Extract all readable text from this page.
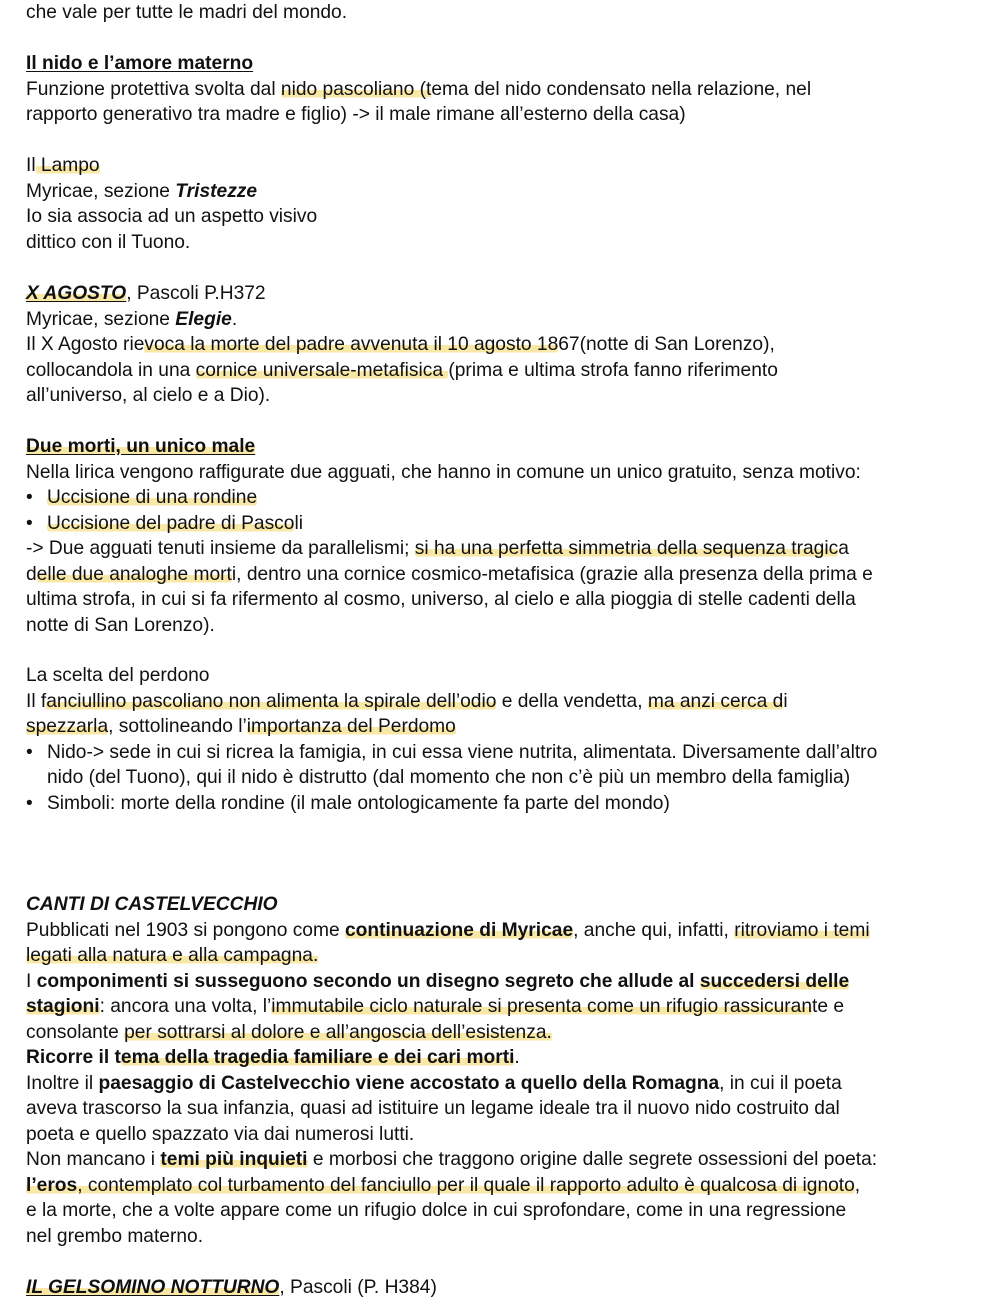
che vale per tutte le madri del mondo.
Il nido e l’amore materno
Funzione protettiva svolta dal nido pascoliano (tema del nido condensato nella relazione, nel
rapporto generativo tra madre e figlio) -> il male rimane all’esterno della casa)
Il Lampo
Myricae, sezione Tristezze
Io sia associa ad un aspetto visivo
dittico con il Tuono.
X AGOSTO, Pascoli P.H372
Myricae, sezione Elegie.
Il X Agosto rievoca la morte del padre avvenuta il 10 agosto 1867(notte di San Lorenzo),
collocandola in una cornice universale-metafisica (prima e ultima strofa fanno riferimento
all’universo, al cielo e a Dio).
Due morti, un unico male
Nella lirica vengono raffigurate due agguati, che hanno in comune un unico gratuito, senza motivo:
• Uccisione di una rondine
• Uccisione del padre di Pascoli
-> Due agguati tenuti insieme da parallelismi; si ha una perfetta simmetria della sequenza tragica
delle due analoghe morti, dentro una cornice cosmico-metafisica (grazie alla presenza della prima e
ultima strofa, in cui si fa rifermento al cosmo, universo, al cielo e alla pioggia di stelle cadenti della
notte di San Lorenzo).
La scelta del perdono
Il fanciullino pascoliano non alimenta la spirale dell’odio e della vendetta, ma anzi cerca di
spezzarla, sottolineando l’importanza del Perdomo
• Nido-> sede in cui si ricrea la famigia, in cui essa viene nutrita, alimentata. Diversamente dall’altro
nido (del Tuono), qui il nido è distrutto (dal momento che non c’è più un membro della famiglia)
• Simboli: morte della rondine (il male ontologicamente fa parte del mondo)
CANTI DI CASTELVECCHIO
Pubblicati nel 1903 si pongono come continuazione di Myricae, anche qui, infatti, ritroviamo i temi
legati alla natura e alla campagna.
I componimenti si susseguono secondo un disegno segreto che allude al succedersi delle
stagioni: ancora una volta, l’immutabile ciclo naturale si presenta come un rifugio rassicurante e
consolante per sottrarsi al dolore e all’angoscia dell’esistenza.
Ricorre il tema della tragedia familiare e dei cari morti.
Inoltre il paesaggio di Castelvecchio viene accostato a quello della Romagna, in cui il poeta
aveva trascorso la sua infanzia, quasi ad istituire un legame ideale tra il nuovo nido costruito dal
poeta e quello spazzato via dai numerosi lutti.
Non mancano i temi più inquieti e morbosi che traggono origine dalle segrete ossessioni del poeta:
l’eros, contemplato col turbamento del fanciullo per il quale il rapporto adulto è qualcosa di ignoto,
e la morte, che a volte appare come un rifugio dolce in cui sprofondare, come in una regressione
nel grembo materno.
IL GELSOMINO NOTTURNO, Pascoli (P. H384)
